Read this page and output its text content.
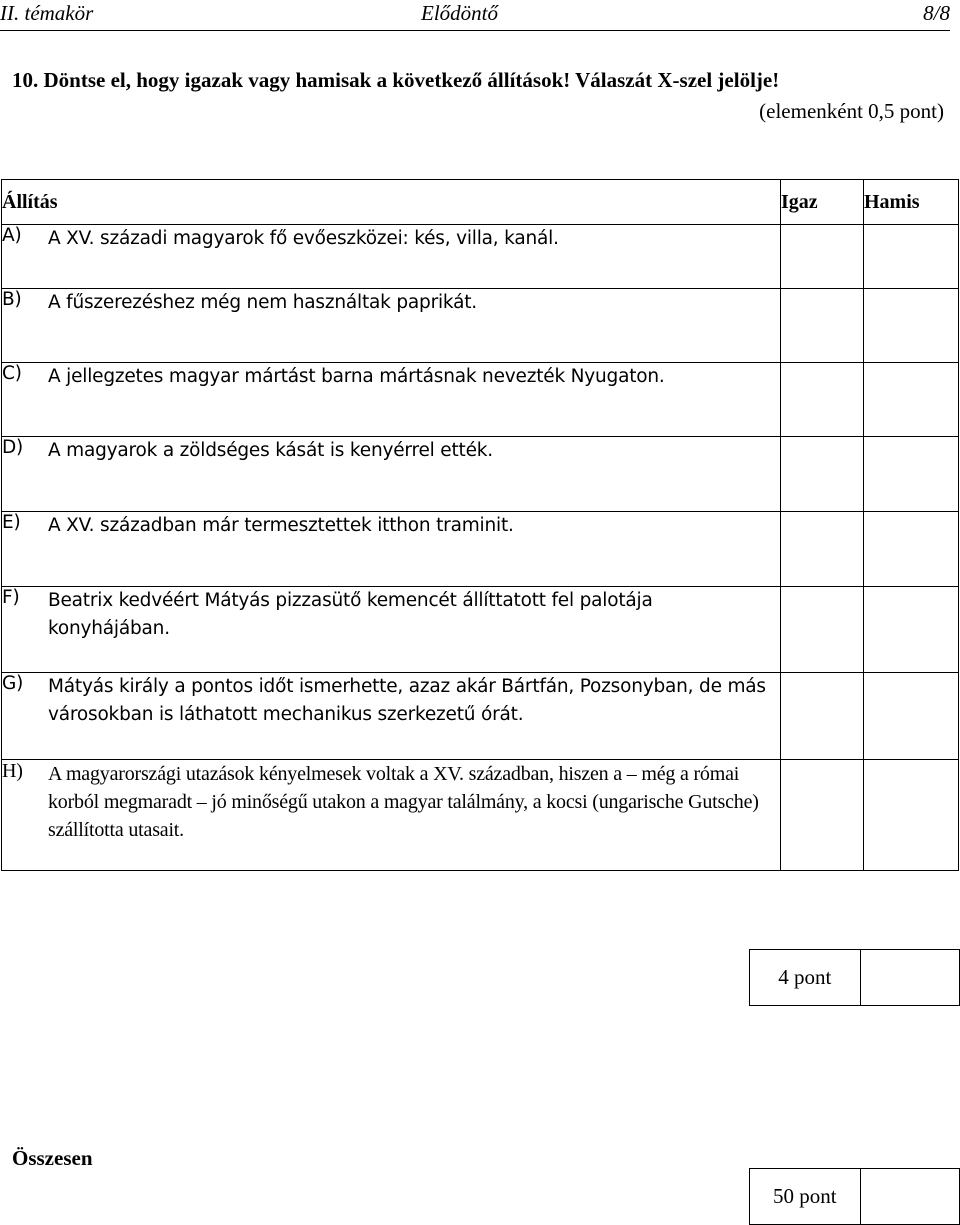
II. témakör	Elődöntő	8/8
10. Döntse el, hogy igazak vagy hamisak a következő állítások! Válaszát X-szel jelölje!
(elemenként 0,5 pont)
Állítás	Igaz	Hamis
A) A XV. századi magyarok fő evőeszközei: kés, villa, kanál.		
B) A fűszerezéshez még nem használtak paprikát.		
C) A jellegzetes magyar mártást barna mártásnak nevezték Nyugaton.		
D) A magyarok a zöldséges kását is kenyérrel ették.		
E) A XV. században már termesztettek itthon traminit.		
F) Beatrix kedvéért Mátyás pizzasütő kemencét állíttatott fel palotája konyhájában.		
G) Mátyás király a pontos időt ismerhette, azaz akár Bártfán, Pozsonyban, de más városokban is láthatott mechanikus szerkezetű órát.		
H) A magyarországi utazások kényelmesek voltak a XV. században, hiszen a – még a római korból megmaradt – jó minőségű utakon a magyar találmány, a kocsi (ungarische Gutsche) szállította utasait.		
4 pont	
Összesen
50 pont	
